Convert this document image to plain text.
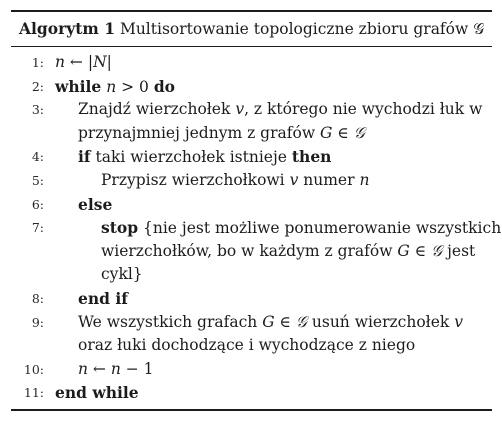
Algorytm 1 Multisortowanie topologiczne zbioru grafów 𝒢
1: n ← |N|
2: while n > 0 do
3: Znajdź wierzchołek v, z którego nie wychodzi łuk w
przynajmniej jednym z grafów G ∈ 𝒢
4: if taki wierzchołek istnieje then
5:	Przypisz wierzchołkowi v numer n
6: else
7:	stop {nie jest możliwe ponumerowanie wszystkich
wierzchołków, bo w każdym z grafów G ∈ 𝒢 jest
cykl}
8: end if
9: We wszystkich grafach G ∈ 𝒢 usuń wierzchołek v
oraz łuki dochodzące i wychodzące z niego
10: n ← n − 1
11: end while
